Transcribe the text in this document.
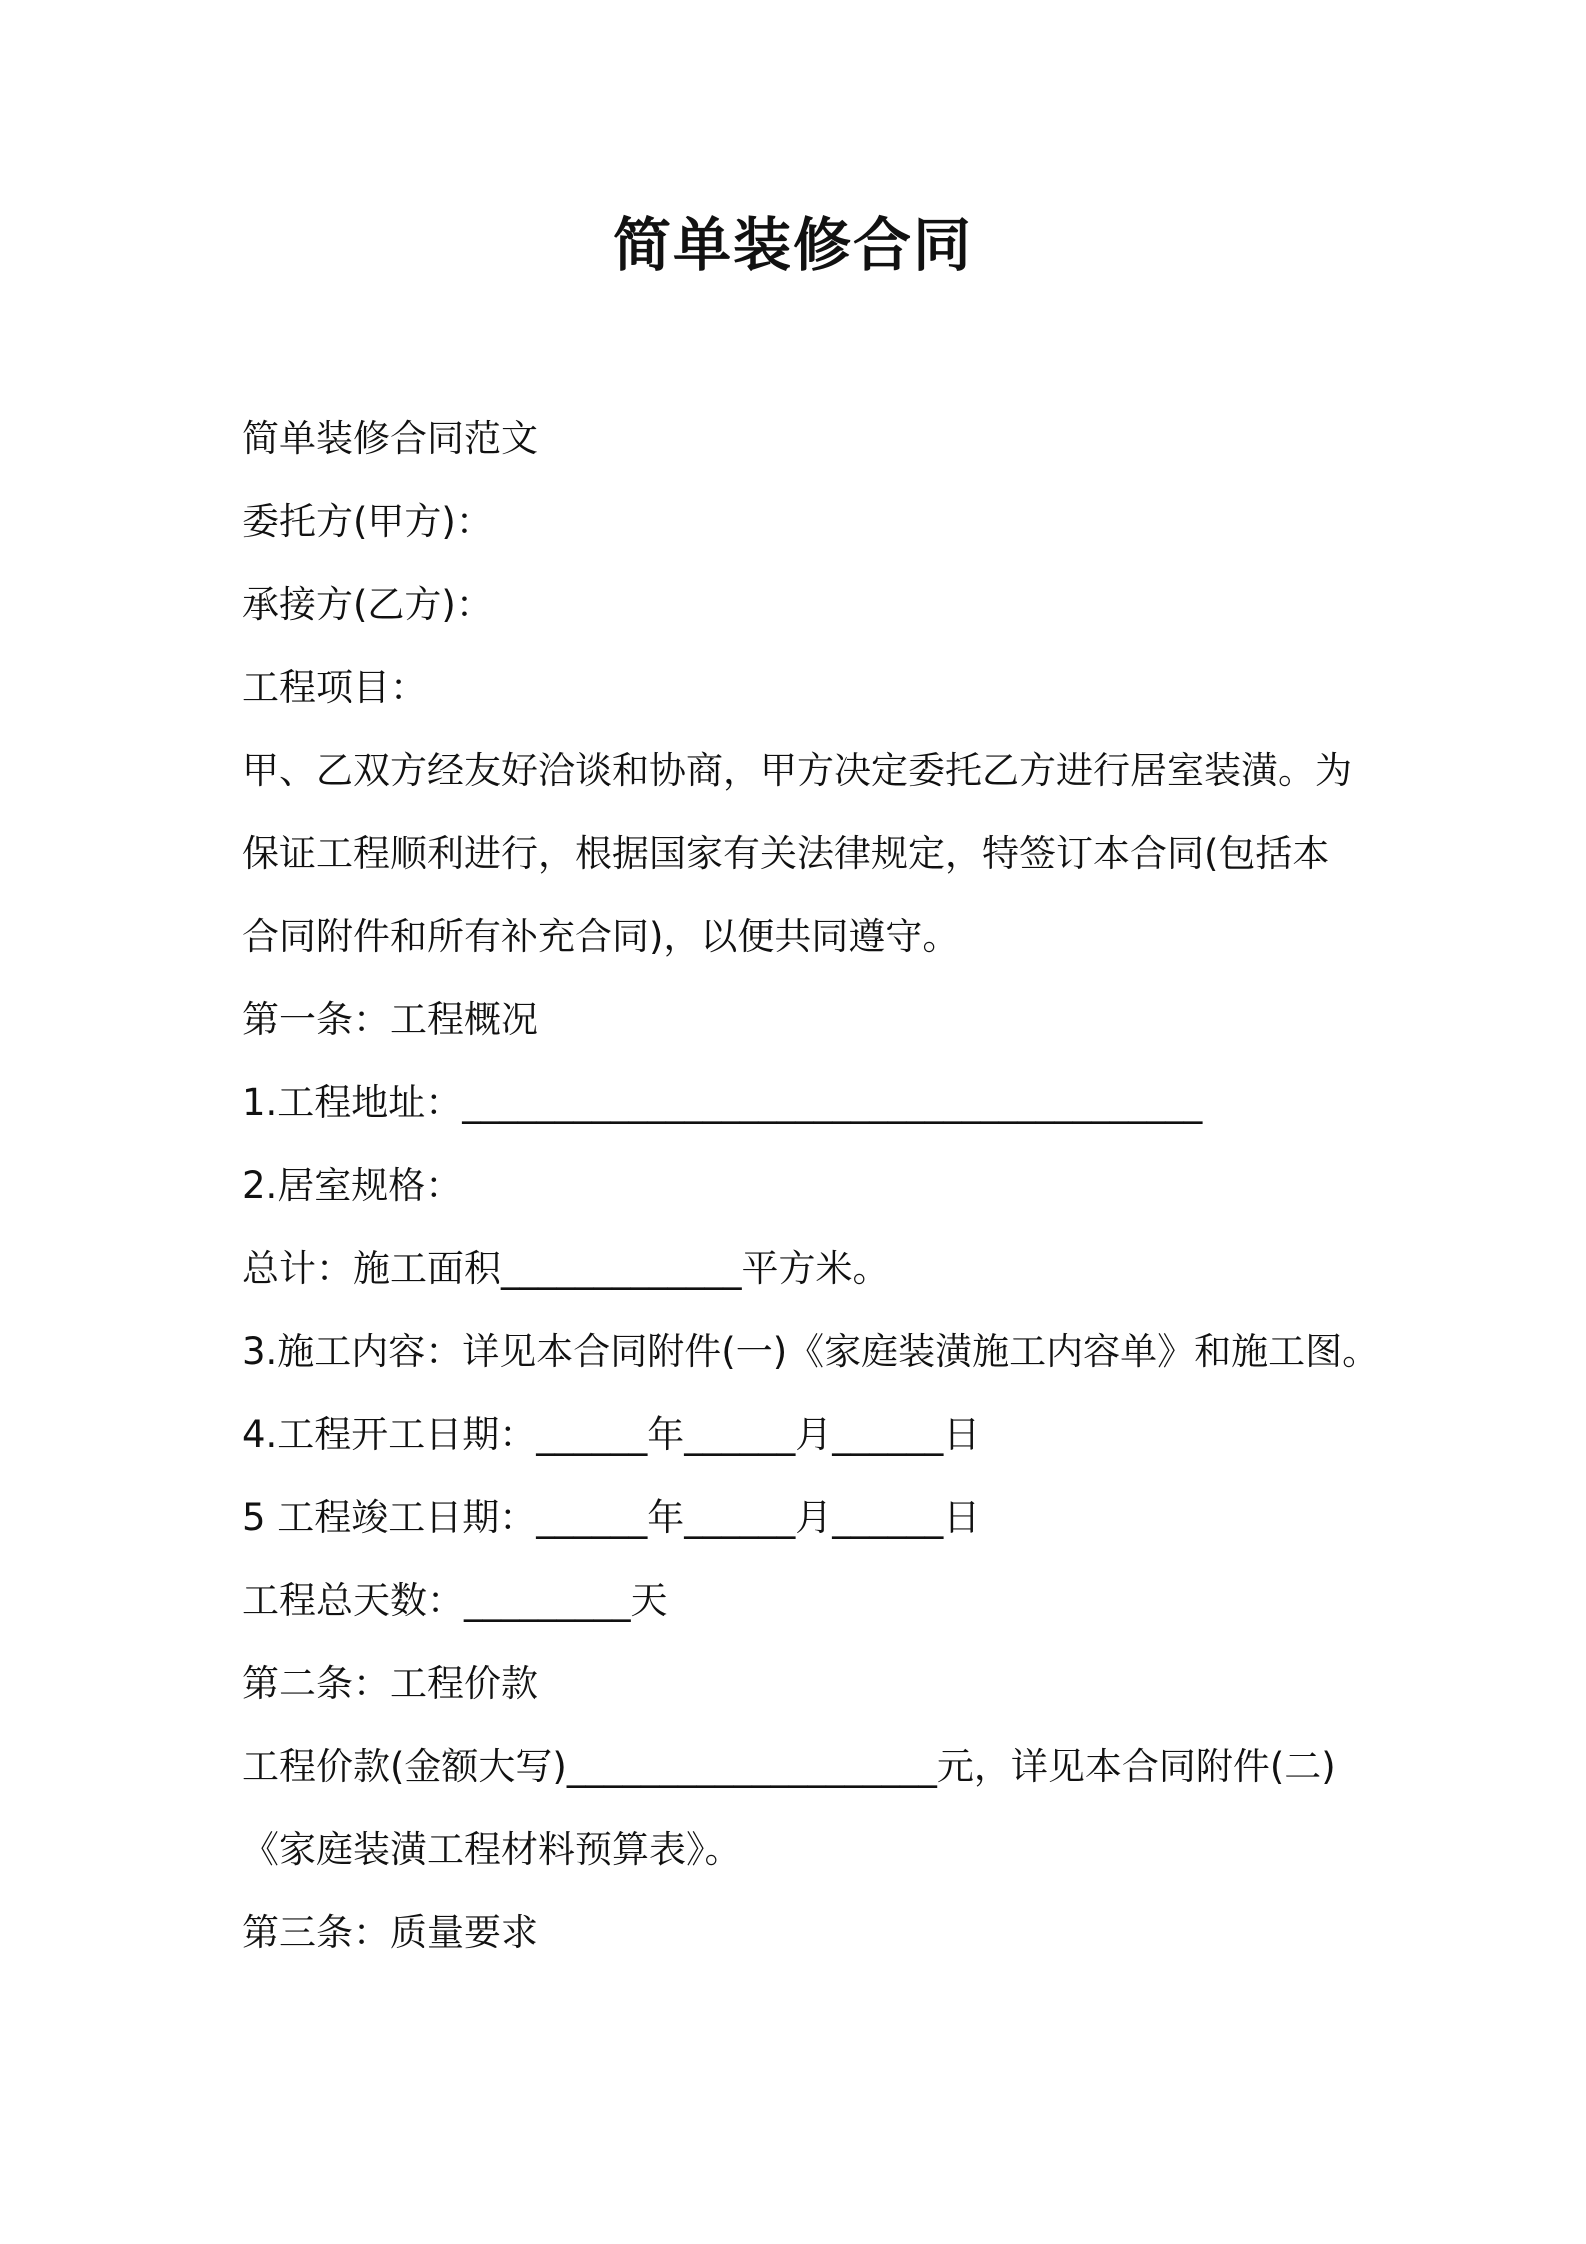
简单装修合同
简单装修合同范文
委托方(甲方)：
承接方(乙方)：
工程项目：
甲、乙双方经友好洽谈和协商，甲方决定委托乙方进行居室装潢。为
保证工程顺利进行，根据国家有关法律规定，特签订本合同(包括本
合同附件和所有补充合同)，以便共同遵守。
第一条：工程概况
1.工程地址：________________________________________
2.居室规格：
总计：施工面积_____________平方米。
3.施工内容：详见本合同附件(一)《家庭装潢施工内容单》和施工图。
4.工程开工日期：______年______月______日
5 工程竣工日期：______年______月______日
工程总天数：_________天
第二条：工程价款
工程价款(金额大写)____________________元，详见本合同附件(二)
《家庭装潢工程材料预算表》。
第三条：质量要求
